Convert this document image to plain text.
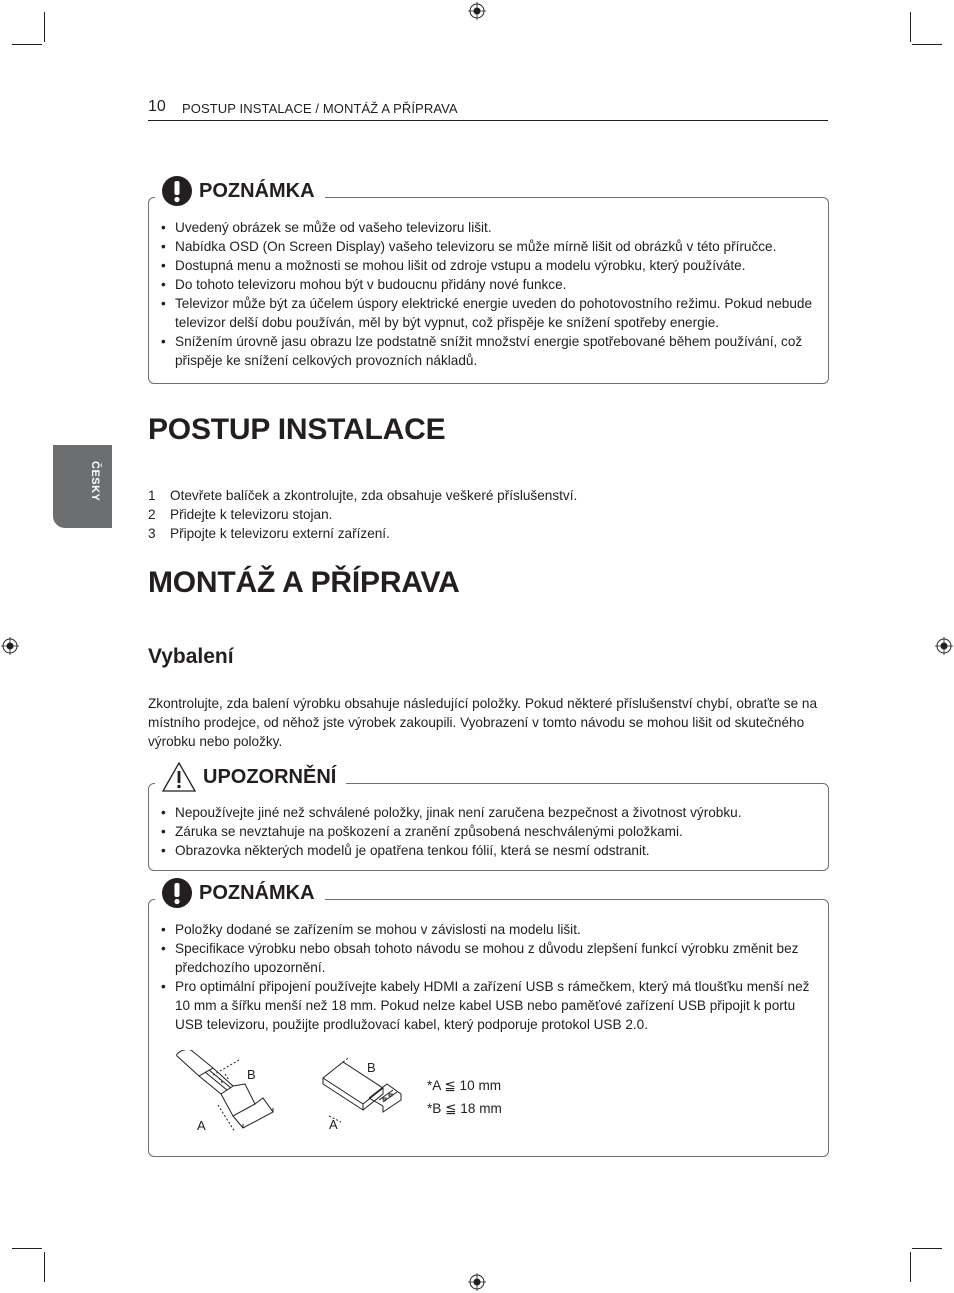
10 POSTUP INSTALACE / MONTÁŽ A PŘÍPRAVA
ČESKY
POZNÁMKA
• Uvedený obrázek se může od vašeho televizoru lišit.
• Nabídka OSD (On Screen Display) vašeho televizoru se může mírně lišit od obrázků v této příručce.
• Dostupná menu a možnosti se mohou lišit od zdroje vstupu a modelu výrobku, který používáte.
• Do tohoto televizoru mohou být v budoucnu přidány nové funkce.
• Televizor může být za účelem úspory elektrické energie uveden do pohotovostního režimu. Pokud nebude televizor delší dobu používán, měl by být vypnut, což přispěje ke snížení spotřeby energie.
• Snížením úrovně jasu obrazu lze podstatně snížit množství energie spotřebované během používání, což přispěje ke snížení celkových provozních nákladů.
POSTUP INSTALACE
1 Otevřete balíček a zkontrolujte, zda obsahuje veškeré příslušenství.
2 Přidejte k televizoru stojan.
3 Připojte k televizoru externí zařízení.
MONTÁŽ A PŘÍPRAVA
Vybalení

Zkontrolujte, zda balení výrobku obsahuje následující položky. Pokud některé příslušenství chybí, obraťte se na místního prodejce, od něhož jste výrobek zakoupili. Vyobrazení v tomto návodu se mohou lišit od skutečného výrobku nebo položky.

UPOZORNĚNÍ
• Nepoužívejte jiné než schválené položky, jinak není zaručena bezpečnost a životnost výrobku.
• Záruka se nevztahuje na poškození a zranění způsobená neschválenými položkami.
• Obrazovka některých modelů je opatřena tenkou fólií, která se nesmí odstranit.
POZNÁMKA
• Položky dodané se zařízením se mohou v závislosti na modelu lišit.
• Specifikace výrobku nebo obsah tohoto návodu se mohou z důvodu zlepšení funkcí výrobku změnit bez předchozího upozornění.
• Pro optimální připojení používejte kabely HDMI a zařízení USB s rámečkem, který má tloušťku menší než 10 mm a šířku menší než 18 mm. Pokud nelze kabel USB nebo paměťové zařízení USB připojit k portu USB televizoru, použijte prodlužovací kabel, který podporuje protokol USB 2.0.
B
A
B
A
*A ≦ 10 mm
*B ≦ 18 mm
